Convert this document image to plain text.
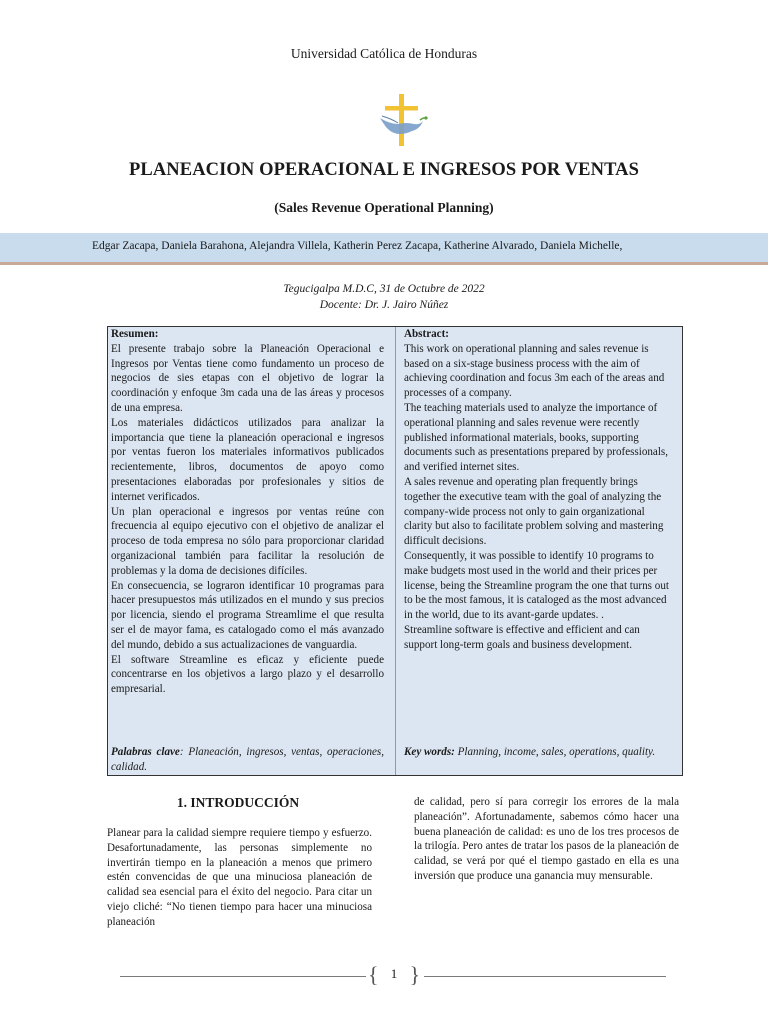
Universidad Católica de Honduras
PLANEACION OPERACIONAL E INGRESOS POR VENTAS
(Sales Revenue Operational Planning)
Edgar Zacapa, Daniela Barahona, Alejandra Villela, Katherin Perez Zacapa, Katherine Alvarado, Daniela Michelle,
Tegucigalpa M.D.C, 31 de Octubre de 2022
Docente: Dr. J. Jairo Núñez

Resumen:

El presente trabajo sobre la Planeación Operacional e Ingresos por Ventas tiene como fundamento un proceso de negocios de sies etapas con el objetivo de lograr la coordinación y enfoque 3m cada una de las áreas y procesos de una empresa.

Los materiales didácticos utilizados para analizar la importancia que tiene la planeación operacional e ingresos por ventas fueron los materiales informativos publicados recientemente, libros, documentos de apoyo como presentaciones elaboradas por profesionales y sitios de internet verificados.

Un plan operacional e ingresos por ventas reúne con frecuencia al equipo ejecutivo con el objetivo de analizar el proceso de toda empresa no sólo para proporcionar claridad organizacional también para facilitar la resolución de problemas y la doma de decisiones difíciles.

En consecuencia, se lograron identificar 10 programas para hacer presupuestos más utilizados en el mundo y sus precios por licencia, siendo el programa Streamlime el que resulta ser el de mayor fama, es catalogado como el más avanzado del mundo, debido a sus actualizaciones de vanguardia.

El software Streamline es eficaz y eficiente puede concentrarse en los objetivos a largo plazo y el desarrollo empresarial.

Palabras clave: Planeación, ingresos, ventas, operaciones, calidad.

Abstract:

This work on operational planning and sales revenue is based on a six-stage business process with the aim of achieving coordination and focus 3m each of the areas and processes of a company.

The teaching materials used to analyze the importance of operational planning and sales revenue were recently published informational materials, books, supporting documents such as presentations prepared by professionals, and verified internet sites.

A sales revenue and operating plan frequently brings together the executive team with the goal of analyzing the company-wide process not only to gain organizational clarity but also to facilitate problem solving and mastering difficult decisions.

Consequently, it was possible to identify 10 programs to make budgets most used in the world and their prices per license, being the Streamline program the one that turns out to be the most famous, it is cataloged as the most advanced in the world, due to its avant-garde updates. .

Streamline software is effective and efficient and can support long-term goals and business development.

Key words: Planning, income, sales, operations, quality.
1. INTRODUCCIÓN
Planear para la calidad siempre requiere tiempo y esfuerzo. Desafortunadamente, las personas simplemente no invertirán tiempo en la planeación a menos que primero estén convencidas de que una minuciosa planeación de calidad sea esencial para el éxito del negocio. Para citar un viejo cliché: “No tienen tiempo para hacer una minuciosa planeación
de calidad, pero sí para corregir los errores de la mala planeación”. Afortunadamente, sabemos cómo hacer una buena planeación de calidad: es uno de los tres procesos de la trilogía. Pero antes de tratar los pasos de la planeación de calidad, se verá por qué el tiempo gastado en ella es una inversión que produce una ganancia muy mensurable.
{ 1 }
